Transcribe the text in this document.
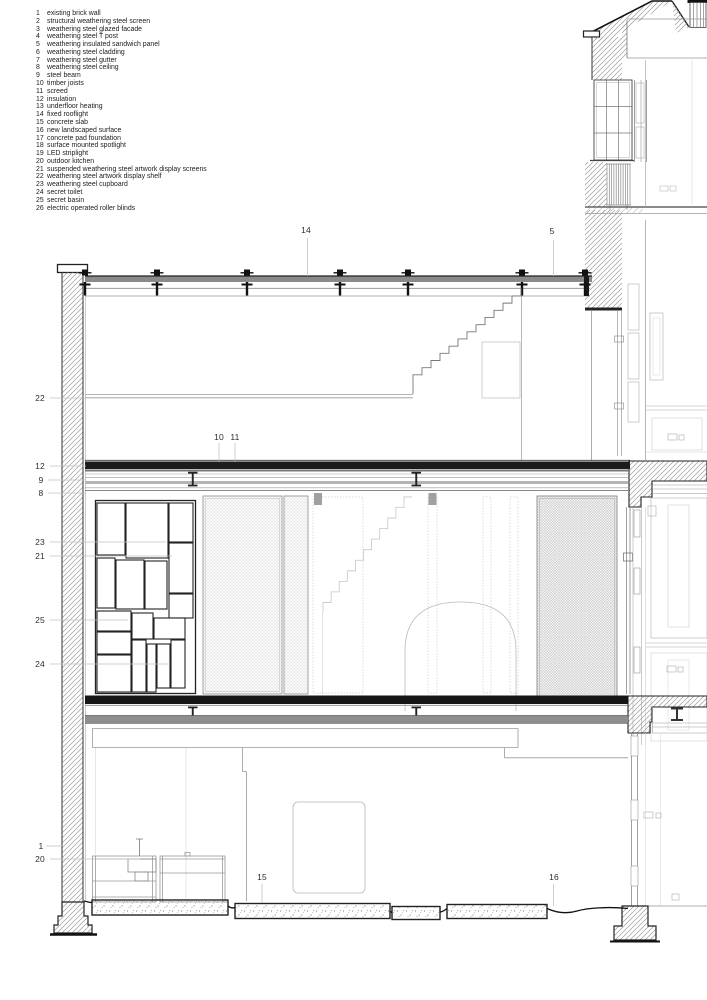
1 existing brick wall
2 structural weathering steel screen
3 weathering steel glazed facade
4 weathering steel T post
5 weathering insulated sandwich panel
6 weathering steel cladding
7 weathering steel gutter
8 weathering steel ceiling
9 steel beam
10 timber joists
11 screed
12 insulation
13 underfloor heating
14 fixed rooflight
15 concrete slab
16 new landscaped surface
17 concrete pad foundation
18 surface mounted spotlight
19 LED striplight
20 outdoor kitchen
21 suspended weathering steel artwork display screens
22 weathering steel artwork display shelf
23 weathering steel cupboard
24 secret toilet
25 secret basin
26 electric operated roller blinds
14	5
22
12
9
8
23
21
25
24
1
20
10 11
15	16
